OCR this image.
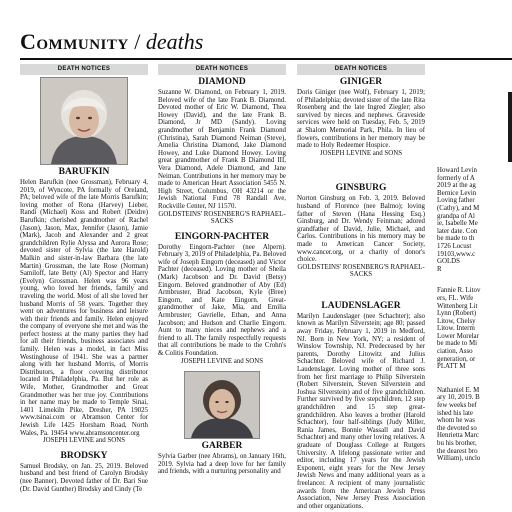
Community / deaths
DEATH NOTICES
BARUFKIN
Helen Barufkin (nee Grossman), February 4, 2019, of Wyncote, PA formally of Oreland, PA; beloved wife of the late Morris Barufkin; loving mother of Rona (Harvey) Lieber, Randi (Michael) Koss and Robert (Deidre) Barufkin; cherished grandmother of Rachel (Jason), Jason, Max, Jennifer (Jason), Jamie (Mark), Jacob and Alexander and 2 great grandchildren Rylie Alyssa and Aurora Rose; devoted sister of Sylvia (the late Harold) Malkin and sister-in-law Barbara (the late Martin) Grossman, the late Rose (Norman) Samiloff, late Betty (Al) Spector and Harry (Evelyn) Grossman. Helen was 96 years young, who loved her friends, family and traveling the world. Most of all she loved her husband Morris of 58 years. Together they went on adventures for business and leisure with their friends and family. Helen enjoyed the company of everyone she met and was the perfect hostess at the many parties they had for all their friends, business associates and family. Helen was a model, in fact Miss Westinghouse of 1941. She was a partner along with her husband Morris, of Morris Distributors, a floor covering distributor located in Philadelphia, Pa. But her role as Wife, Mother, Grandmother and Great Grandmother was her true joy. Contributions in her name may be made to Temple Sinai, 1401 Limekiln Pike, Dresher, PA 19025 www.tsinai.com or Abramson Center for Jewish Life 1425 Horsham Road, North Wales, Pa. 19454 www.abramsoncenter.org
JOSEPH LEVINE and SONS
BRODSKY
Samuel Brodsky, on Jan. 25, 2019. Beloved husband and best friend of Carolyn Brodsky (nee Banner). Devoted father of Dr. Bari Sue (Dr. David Gunther) Brodsky and Cindy (Te
DEATH NOTICES
DIAMOND
Suzanne W. Diamond, on February 1, 2019. Beloved wife of the late Frank B. Diamond. Devoted mother of Eric W. Diamond, Thea Howey (David), and the late Frank B. Diamond, Jr MD (Sandy). Loving grandmother of Benjamin Frank Diamond (Christina), Sarah Diamond Neiman (Steve), Amelia Christina Diamond, Jake Diamond Howey, and Luke Diamond Howey. Loving great grandmother of Frank B Diamond III, Vera Diamond, Adele Diamond, and Jane Neiman. Contributions in her memory may be made to American Heart Association 5455 N. High Street, Columbus, OH 43214 or the Jewish National Fund 78 Randall Ave, Rockville Center, NJ 11570.
GOLDSTEINS' ROSENBERG'S RAPHAEL-SACKS
EINGORN-PACHTER
Dorothy Eingorn-Pachter (nee Alpern). February 3, 2019 of Philadelphia, Pa. Beloved wife of Joseph Eingorn (deceased) and Victor Pachter (deceased). Loving mother of Sheila (Mark) Jacobson and Dr. David (Betsy) Eingorn. Beloved grandmother of Aby (Ed) Armbruster, Brad Jacobson, Kyle (Bree) Eingorn, and Kate Eingorn. Great-grandmother of Jake, Mia, and Emilia Armbruster; Gavrielle, Ethan, and Anna Jacobson; and Hudson and Charlie Eingorn. Aunt to many nieces and nephews and a friend to all. The family respectfully requests that all contributions be made to the Crohn's & Colitis Foundation.
JOSEPH LEVINE and SONS
GARBER
Sylvia Garber (nee Abrams), on January 16th, 2019. Sylvia had a deep love for her family and friends, with a nurturing personality and
DEATH NOTICES
GINIGER
Doris Giniger (nee Wolf), February 1, 2019; of Philadelphia; devoted sister of the late Rita Rosenberg and the late Ingred Ziegler; also survived by nieces and nephews. Graveside services were held on Tuesday, Feb. 5, 2019 at Shalom Memorial Park, Phila. In lieu of flowers, contributions in her memory may be made to Holy Redeemer Hospice.
JOSEPH LEVINE and SONS
GINSBURG
Norton Ginsburg on Feb. 3, 2019. Beloved husband of Florence (nee Balmo); loving father of Steven (Hana Hessing Esq.) Ginsburg, and Dr. Wendy Feinman; adored grandfather of David, Julie, Michael, and Carlos. Contributions in his memory may be made to American Cancer Society, www.cancer.org, or a charity of donor's choice.
GOLDSTEINS' ROSENBERG'S RAPHAEL-SACKS
LAUDENSLAGER
Marilyn Laudenslager (nee Schachter); also known as Marilyn Silverstein; age 80; passed away Friday, February 1, 2019 in Medford, NJ. Born in New York, NY; a resident of Winslow Township, NJ. Predeceased by her parents, Dorothy Litowitz and Julius Schachter. Beloved wife of Richard J. Laudenslager. Loving mother of three sons from her first marriage to Philip Silverstein (Robert Silverstein, Steven Silverstein and Joshua Silverstein) and of five grandchildren. Further survived by five stepchildren, 12 step grandchildren and 15 step great-grandchildren. Also leaves a brother (Harold Schachter), four half-siblings (Judy Miller, Rania James, Bonnie Wassall and David Schachter) and many other loving relatives. A graduate of Douglass College at Rutgers University. A lifelong passionate writer and editor, including 17 years for the Jewish Exponent, eight years for the New Jersey Jewish News and many additional years as a freelancer. A recipient of many journalistic awards from the American Jewish Press Association, New Jersey Press Association and other organizations.
Howard Levin
formerly of A
2019 at the ag
Bernice Levin
Loving father
(Cathy), and M
grandpa of Al
ie, Isabelle Me
later date. Con
be made to th
1726 Locust
19103,www.c
GOLDS
R
Fannie R. Litov
ers, FL. Wife
Wittenberg Lit
Lynn (Robert)
Litow, Chelsy
Litow. Interm
Lower Morelar
be made to Mi
ciation, Asso
generation, or
PLATT M
Nathaniel E. M
ary 10, 2019. B
few weeks bef
ished his late
whom he was
the devoted so
Henrietta Marc
bu his brother,
the dearest bro
William), unclo
